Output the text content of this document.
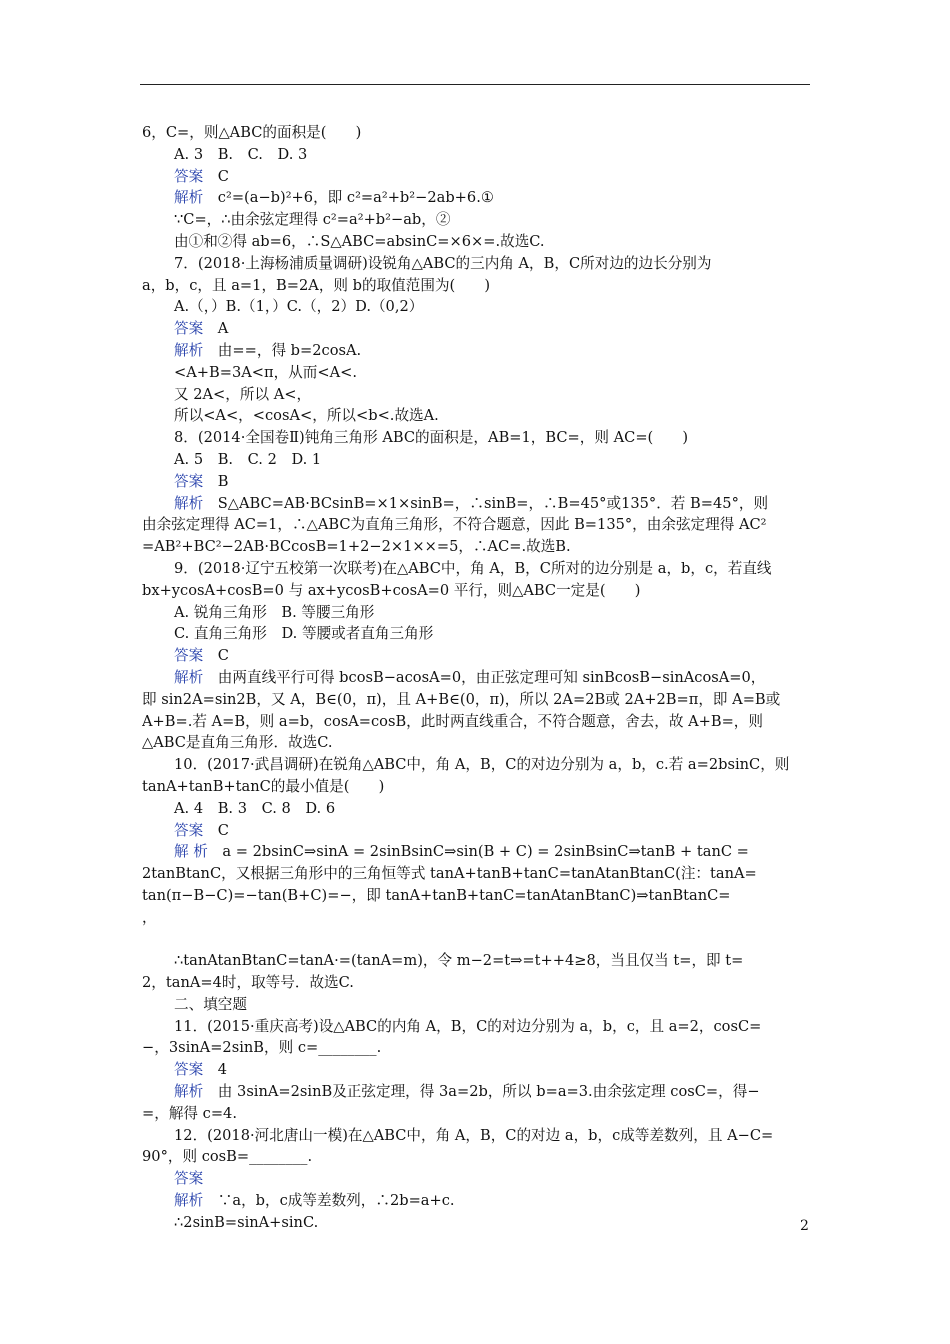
6，C=，则△ABC的面积是(　　)
A. 3　B.　C.　D. 3
答案　C
解析　c²=(a−b)²+6，即 c²=a²+b²−2ab+6.①
∵C=，∴由余弦定理得 c²=a²+b²−ab，②
由①和②得 ab=6，∴S△ABC=absinC=×6×=.故选C.
7．(2018·上海杨浦质量调研)设锐角△ABC的三内角 A，B，C所对边的边长分别为
a，b，c，且 a=1，B=2A，则 b的取值范围为(　　)
A.（，）B.（1，）C.（，2）D.（0,2）
答案　A
解析　由==，得 b=2cosA.
<A+B=3A<π，从而<A<.
又 2A<，所以 A<，
所以<A<，<cosA<，所以<b<.故选A.
8．(2014·全国卷Ⅱ)钝角三角形 ABC的面积是，AB=1，BC=，则 AC=(　　)
A. 5　B.　C. 2　D. 1
答案　B
解析　S△ABC=AB·BCsinB=×1×sinB=，∴sinB=，∴B=45°或135°．若 B=45°，则
由余弦定理得 AC=1，∴△ABC为直角三角形，不符合题意，因此 B=135°，由余弦定理得 AC²
=AB²+BC²−2AB·BCcosB=1+2−2×1××=5，∴AC=.故选B.
9．(2018·辽宁五校第一次联考)在△ABC中，角 A，B，C所对的边分别是 a，b，c，若直线
bx+ycosA+cosB=0 与 ax+ycosB+cosA=0 平行，则△ABC一定是(　　)
A. 锐角三角形　B. 等腰三角形
C. 直角三角形　D. 等腰或者直角三角形
答案　C
解析　由两直线平行可得 bcosB−acosA=0，由正弦定理可知 sinBcosB−sinAcosA=0，
即 sin2A=sin2B，又 A，B∈(0，π)，且 A+B∈(0，π)，所以 2A=2B或 2A+2B=π，即 A=B或
A+B=.若 A=B，则 a=b，cosA=cosB，此时两直线重合，不符合题意，舍去，故 A+B=，则
△ABC是直角三角形．故选C.
10．(2017·武昌调研)在锐角△ABC中，角 A，B，C的对边分别为 a，b，c.若 a=2bsinC，则
tanA+tanB+tanC的最小值是(　　)
A. 4　B. 3　C. 8　D. 6
答案　C
解 析　a = 2bsinC⇒sinA = 2sinBsinC⇒sin(B + C) = 2sinBsinC⇒tanB + tanC =
2tanBtanC，又根据三角形中的三角恒等式 tanA+tanB+tanC=tanAtanBtanC(注：tanA=
tan(π−B−C)=−tan(B+C)=−，即 tanA+tanB+tanC=tanAtanBtanC)⇒tanBtanC=
，
∴tanAtanBtanC=tanA·=(tanA=m)，令 m−2=t⇒=t++4≥8，当且仅当 t=，即 t=
2，tanA=4时，取等号．故选C.
二、填空题
11．(2015·重庆高考)设△ABC的内角 A，B，C的对边分别为 a，b，c，且 a=2，cosC=
−，3sinA=2sinB，则 c=________.
答案　4
解析　由 3sinA=2sinB及正弦定理，得 3a=2b，所以 b=a=3.由余弦定理 cosC=，得−
=，解得 c=4.
12．(2018·河北唐山一模)在△ABC中，角 A，B，C的对边 a，b，c成等差数列，且 A−C=
90°，则 cosB=________.
答案
解析　∵a，b，c成等差数列，∴2b=a+c.
∴2sinB=sinA+sinC.	2
